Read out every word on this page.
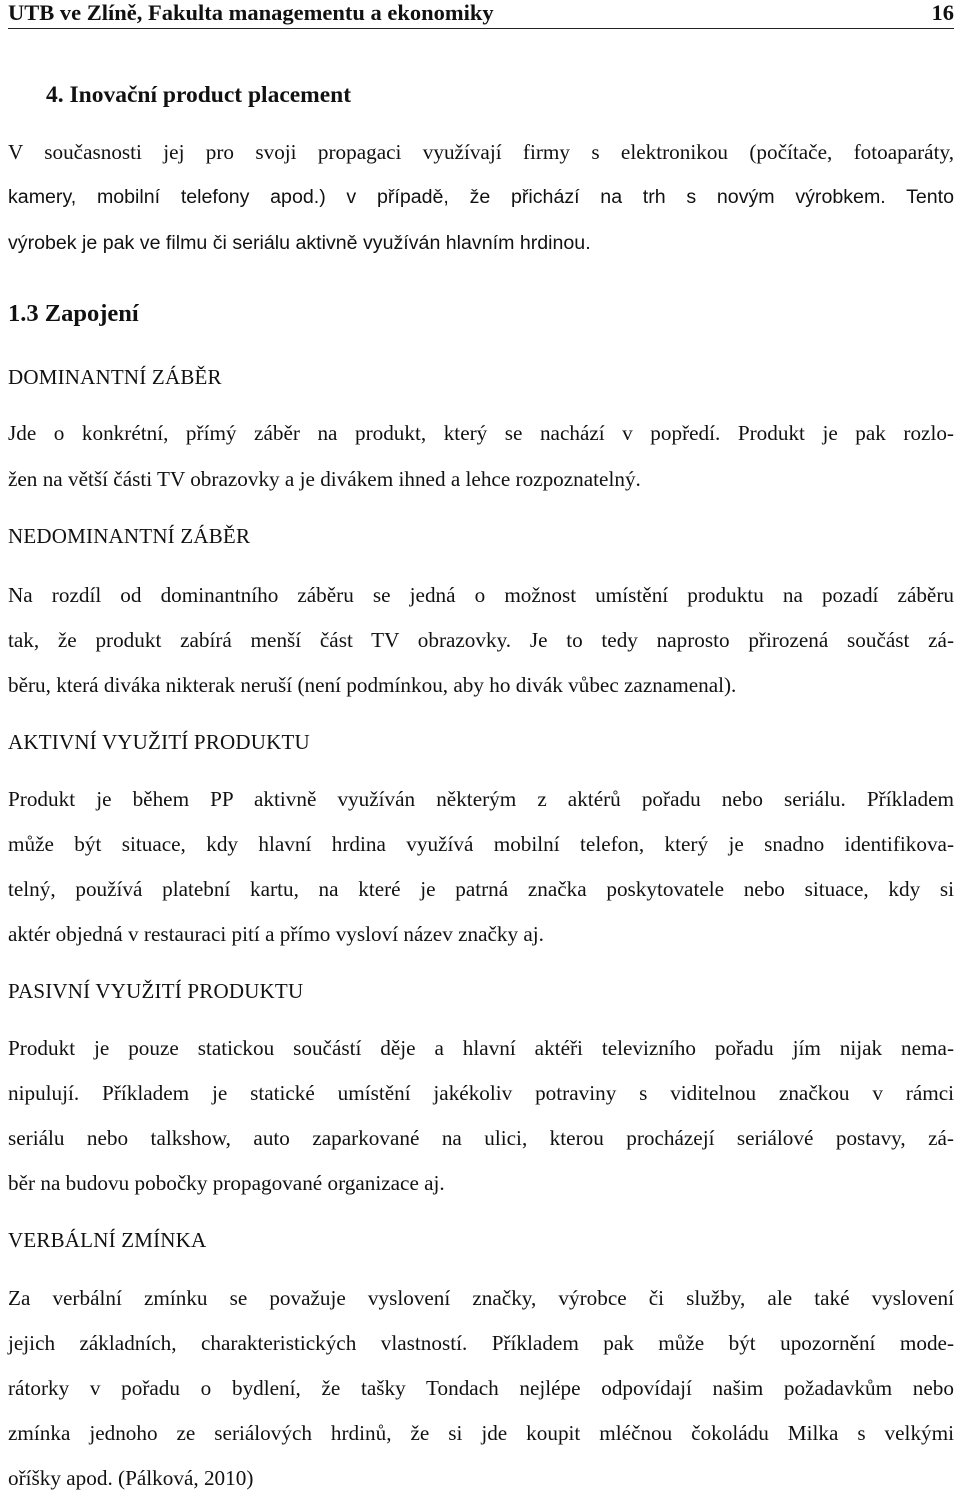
UTB ve Zlíně, Fakulta managementu a ekonomiky	16
4. Inovační product placement
V současnosti jej pro svoji propagaci využívají firmy s elektronikou (počítače, fotoaparáty,
kamery, mobilní telefony apod.) v případě, že přichází na trh s novým výrobkem. Tento
výrobek je pak ve filmu či seriálu aktivně využíván hlavním hrdinou.
1.3 Zapojení
DOMINANTNÍ ZÁBĚR
Jde o konkrétní, přímý záběr na produkt, který se nachází v popředí. Produkt je pak rozlo-
žen na větší části TV obrazovky a je divákem ihned a lehce rozpoznatelný.
NEDOMINANTNÍ ZÁBĚR
Na rozdíl od dominantního záběru se jedná o možnost umístění produktu na pozadí záběru
tak, že produkt zabírá menší část TV obrazovky. Je to tedy naprosto přirozená součást zá-
běru, která diváka nikterak neruší (není podmínkou, aby ho divák vůbec zaznamenal).
AKTIVNÍ VYUŽITÍ PRODUKTU
Produkt je během PP aktivně využíván některým z aktérů pořadu nebo seriálu. Příkladem
může být situace, kdy hlavní hrdina využívá mobilní telefon, který je snadno identifikova-
telný, používá platební kartu, na které je patrná značka poskytovatele nebo situace, kdy si
aktér objedná v restauraci pití a přímo vysloví název značky aj.
PASIVNÍ VYUŽITÍ PRODUKTU
Produkt je pouze statickou součástí děje a hlavní aktéři televizního pořadu jím nijak nema-
nipulují. Příkladem je statické umístění jakékoliv potraviny s viditelnou značkou v rámci
seriálu nebo talkshow, auto zaparkované na ulici, kterou procházejí seriálové postavy, zá-
běr na budovu pobočky propagované organizace aj.
VERBÁLNÍ ZMÍNKA
Za verbální zmínku se považuje vyslovení značky, výrobce či služby, ale také vyslovení
jejich základních, charakteristických vlastností. Příkladem pak může být upozornění mode-
rátorky v pořadu o bydlení, že tašky Tondach nejlépe odpovídají našim požadavkům nebo
zmínka jednoho ze seriálových hrdinů, že si jde koupit mléčnou čokoládu Milka s velkými
oříšky apod. (Pálková, 2010)
